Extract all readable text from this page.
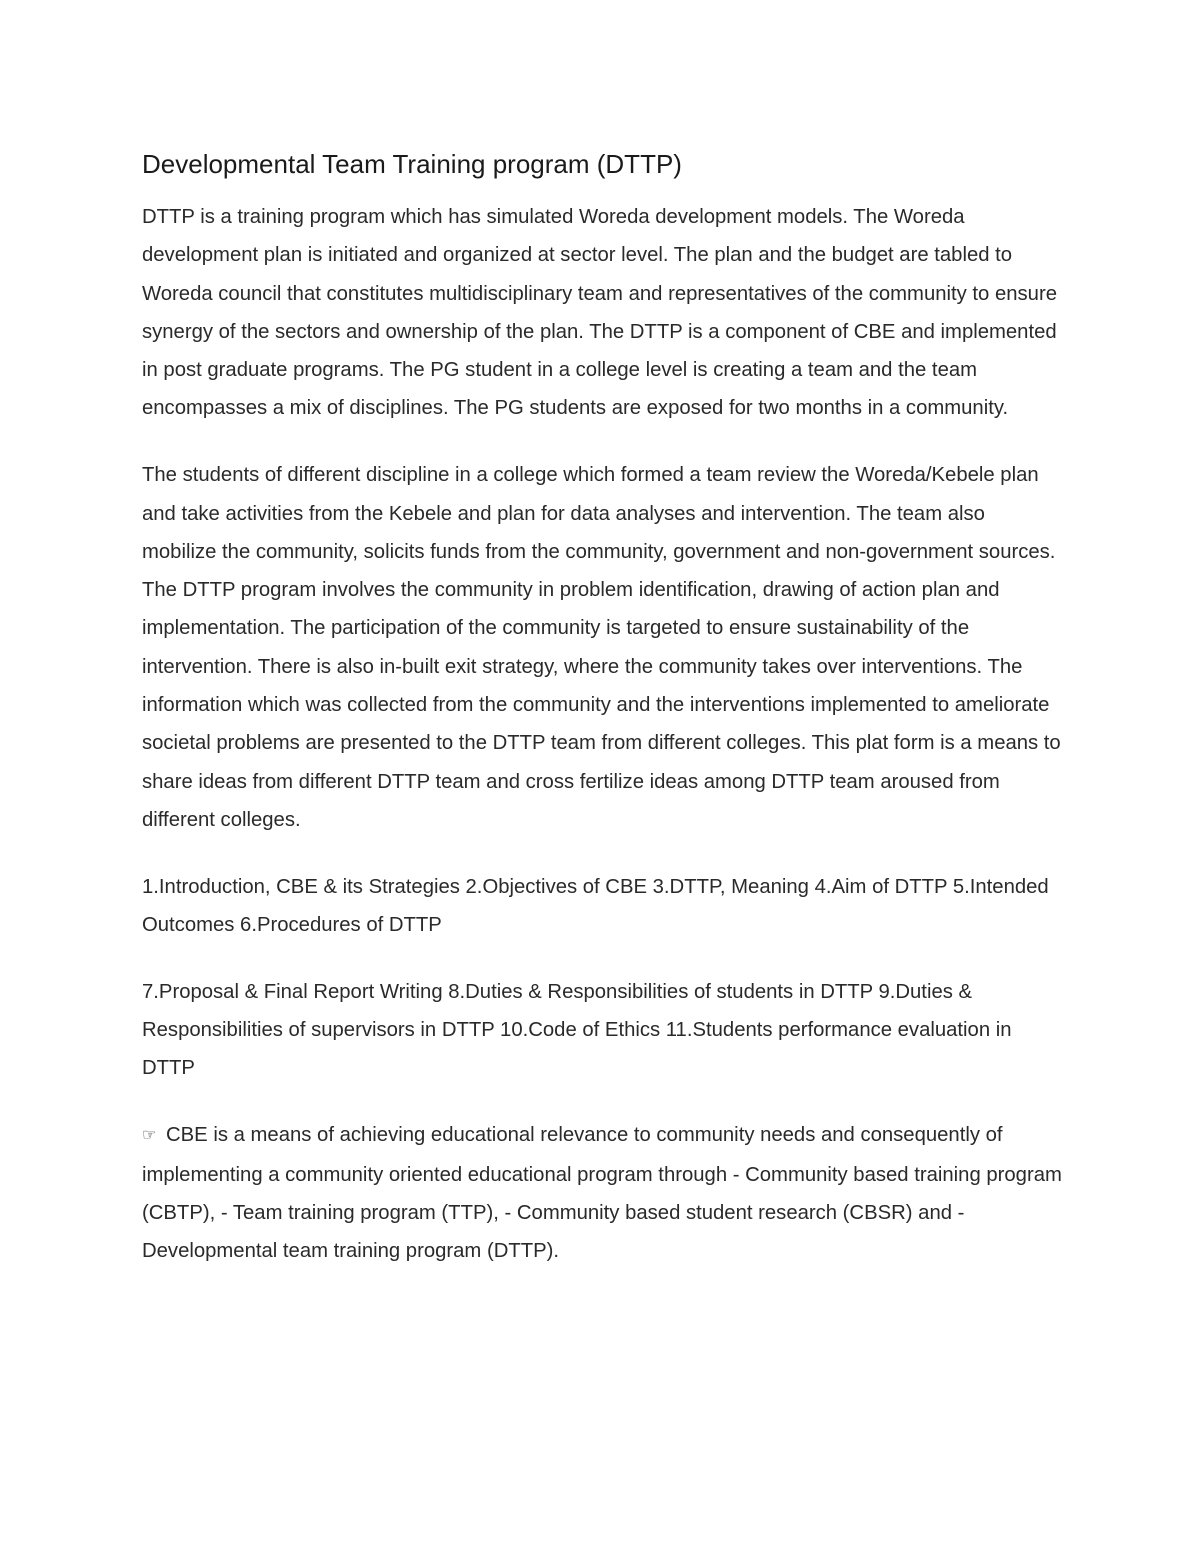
Developmental Team Training program (DTTP)

DTTP is a training program which has simulated Woreda development models. The Woreda development plan is initiated and organized at sector level. The plan and the budget are tabled to Woreda council that constitutes multidisciplinary team and representatives of the community to ensure synergy of the sectors and ownership of the plan. The DTTP is a component of CBE and implemented in post graduate programs. The PG student in a college level is creating a team and the team encompasses a mix of disciplines. The PG students are exposed for two months in a community.

The students of different discipline in a college which formed a team review the Woreda/Kebele plan and take activities from the Kebele and plan for data analyses and intervention. The team also mobilize the community, solicits funds from the community, government and non-government sources. The DTTP program involves the community in problem identification, drawing of action plan and implementation. The participation of the community is targeted to ensure sustainability of the intervention. There is also in-built exit strategy, where the community takes over interventions. The information which was collected from the community and the interventions implemented to ameliorate societal problems are presented to the DTTP team from different colleges. This plat form is a means to share ideas from different DTTP team and cross fertilize ideas among DTTP team aroused from different colleges.

1.Introduction, CBE & its Strategies 2.Objectives of CBE 3.DTTP, Meaning 4.Aim of DTTP 5.Intended Outcomes 6.Procedures of DTTP

7.Proposal & Final Report Writing 8.Duties & Responsibilities of students in DTTP 9.Duties & Responsibilities of supervisors in DTTP 10.Code of Ethics 11.Students performance evaluation in DTTP

☞ CBE is a means of achieving educational relevance to community needs and consequently of implementing a community oriented educational program through - Community based training program (CBTP), - Team training program (TTP), - Community based student research (CBSR) and - Developmental team training program (DTTP).
